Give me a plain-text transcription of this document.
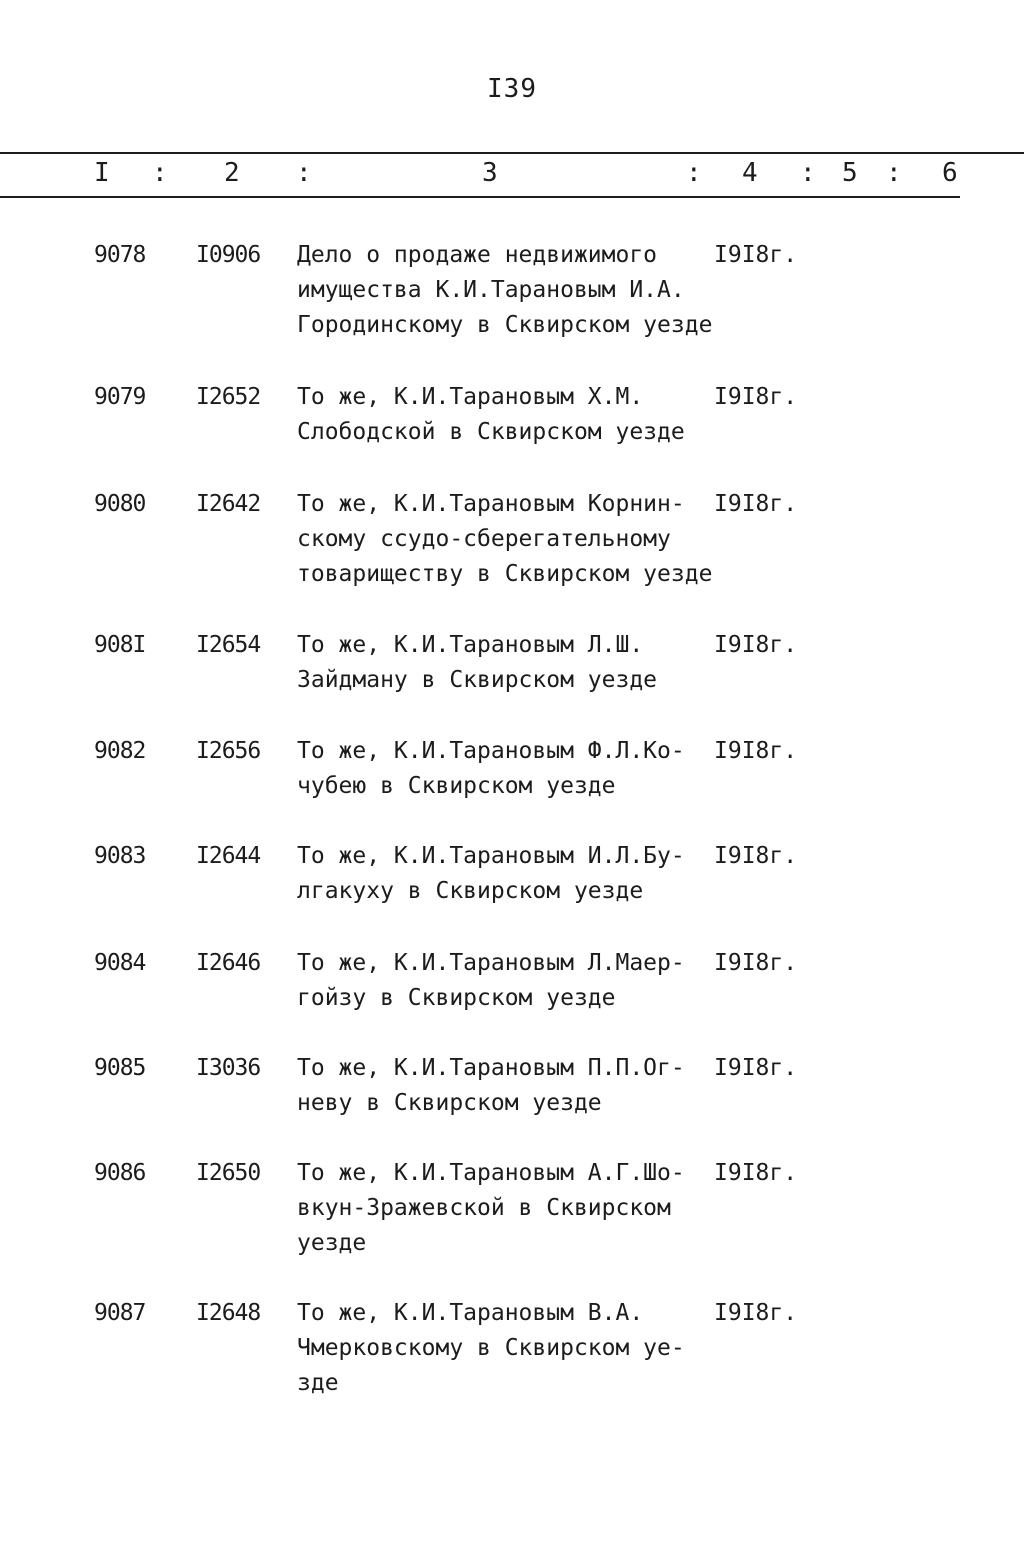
I39
I : 2 :	3	: 4 : 5 : 6
9078 I0906 Дело о продаже недвижимого
имущества К.И.Тарановым И.А.
Городинскому в Сквирском уезде
I9I8г.
9079 I2652 То же, К.И.Тарановым Х.М.
Слободской в Сквирском уезде
I9I8г.
9080 I2642 То же, К.И.Тарановым Корнин-
скому ссудо-сберегательному
товариществу в Сквирском уезде
I9I8г.
908I I2654 То же, К.И.Тарановым Л.Ш.
Зайдману в Сквирском уезде
I9I8г.
9082 I2656 То же, К.И.Тарановым Ф.Л.Ко-
чубею в Сквирском уезде
I9I8г.
9083 I2644 То же, К.И.Тарановым И.Л.Бу-
лгакуху в Сквирском уезде
I9I8г.
9084 I2646 То же, К.И.Тарановым Л.Маер-
гойзу в Сквирском уезде
I9I8г.
9085 I3036 То же, К.И.Тарановым П.П.Ог-
неву в Сквирском уезде
I9I8г.
9086 I2650 То же, К.И.Тарановым А.Г.Шо-
вкун-Зражевской в Сквирском
уезде
I9I8г.
9087 I2648 То же, К.И.Тарановым В.А.
Чмерковскому в Сквирском уе-
зде
I9I8г.
